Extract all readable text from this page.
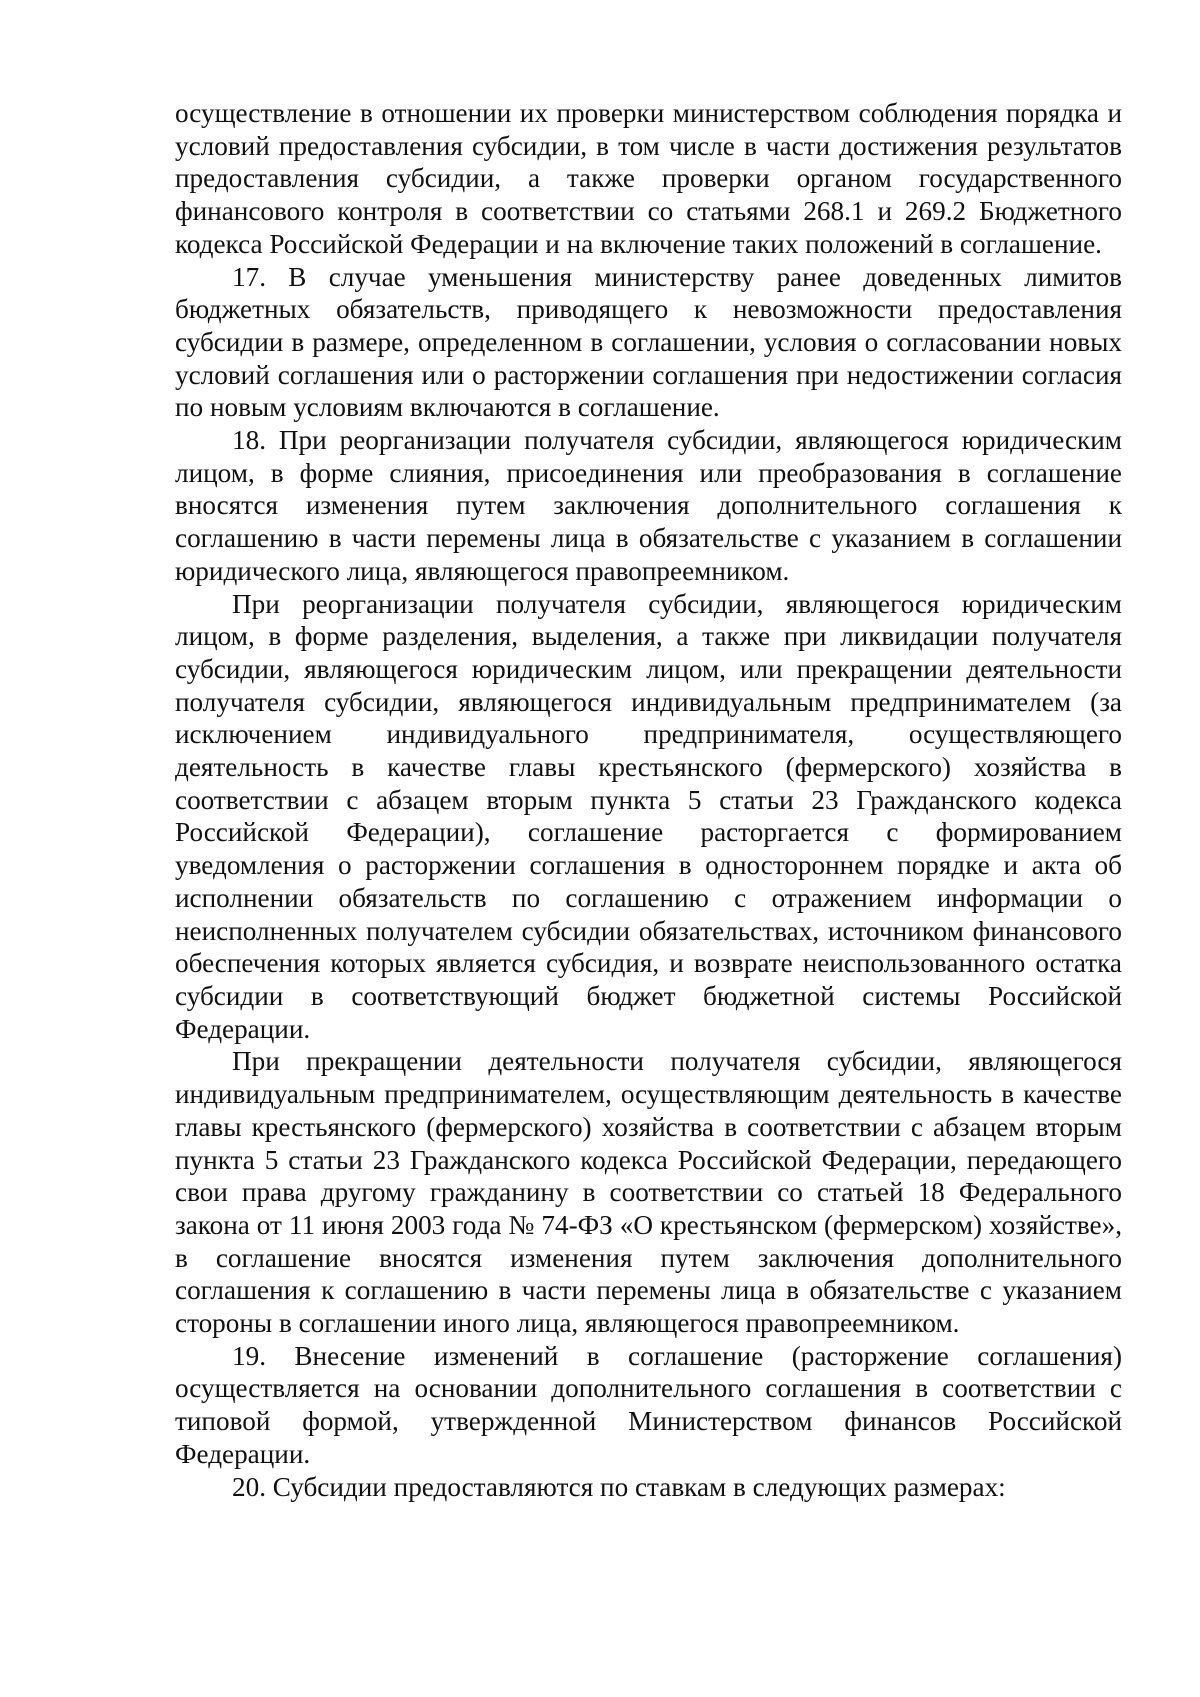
осуществление в отношении их проверки министерством соблюдения порядка и условий предоставления субсидии, в том числе в части достижения результатов предоставления субсидии, а также проверки органом государственного финансового контроля в соответствии со статьями 268.1 и 269.2 Бюджетного кодекса Российской Федерации и на включение таких положений в соглашение.

17. В случае уменьшения министерству ранее доведенных лимитов бюджетных обязательств, приводящего к невозможности предоставления субсидии в размере, определенном в соглашении, условия о согласовании новых условий соглашения или о расторжении соглашения при недостижении согласия по новым условиям включаются в соглашение.

18. При реорганизации получателя субсидии, являющегося юридическим лицом, в форме слияния, присоединения или преобразования в соглашение вносятся изменения путем заключения дополнительного соглашения к соглашению в части перемены лица в обязательстве с указанием в соглашении юридического лица, являющегося правопреемником.

При реорганизации получателя субсидии, являющегося юридическим лицом, в форме разделения, выделения, а также при ликвидации получателя субсидии, являющегося юридическим лицом, или прекращении деятельности получателя субсидии, являющегося индивидуальным предпринимателем (за исключением индивидуального предпринимателя, осуществляющего деятельность в качестве главы крестьянского (фермерского) хозяйства в соответствии с абзацем вторым пункта 5 статьи 23 Гражданского кодекса Российской Федерации), соглашение расторгается с формированием уведомления о расторжении соглашения в одностороннем порядке и акта об исполнении обязательств по соглашению с отражением информации о неисполненных получателем субсидии обязательствах, источником финансового обеспечения которых является субсидия, и возврате неиспользованного остатка субсидии в соответствующий бюджет бюджетной системы Российской Федерации.

При прекращении деятельности получателя субсидии, являющегося индивидуальным предпринимателем, осуществляющим деятельность в качестве главы крестьянского (фермерского) хозяйства в соответствии с абзацем вторым пункта 5 статьи 23 Гражданского кодекса Российской Федерации, передающего свои права другому гражданину в соответствии со статьей 18 Федерального закона от 11 июня 2003 года № 74-ФЗ «О крестьянском (фермерском) хозяйстве», в соглашение вносятся изменения путем заключения дополнительного соглашения к соглашению в части перемены лица в обязательстве с указанием стороны в соглашении иного лица, являющегося правопреемником.

19. Внесение изменений в соглашение (расторжение соглашения) осуществляется на основании дополнительного соглашения в соответствии с типовой формой, утвержденной Министерством финансов Российской Федерации.

20. Субсидии предоставляются по ставкам в следующих размерах:
